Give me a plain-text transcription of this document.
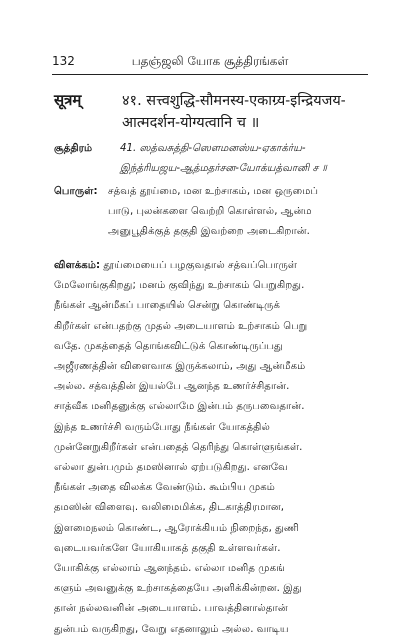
132	பதஞ்ஜலி யோக சூத்திரங்கள்
सूत्रम्	४१. सत्त्वशुद्धि-सौमनस्य-एकाग्र्य-इन्द्रियजय-
आत्मदर्शन-योग्यत्वानि च ॥
சூத்திரம்	41. ஸத்வசுத்தி-ஸௌமனஸ்ய-ஏகாக்ர்ய-
இந்த்ரியஜய-ஆத்மதர்சன-யோக்யத்வானி ச ॥
பொருள்: சத்வத் தூய்மை, மன உற்சாகம், மன ஒருமைப்
பாடு, புலன்களை வெற்றி கொள்ளல், ஆன்ம
அனுபூதிக்குத் தகுதி இவற்றை அடைகிறான்.
விளக்கம்: தூய்மையைப் பழகுவதால் சத்வப்பொருள்
மேலோங்குகிறது; மனம் குவிந்து உற்சாகம் பெறுகிறது.
நீங்கள் ஆன்மீகப் பாதையில் சென்று கொண்டிருக்
கிறீர்கள் என்பதற்கு முதல் அடையாளம் உற்சாகம் பெறு
வதே. முகத்தைத் தொங்கவிட்டுக் கொண்டிருப்பது
அஜீரணத்தின் விளைவாக இருக்கலாம், அது ஆன்மீகம்
அல்ல. சத்வத்தின் இயல்பே ஆனந்த உணர்ச்சிதான்.
சாத்வீக மனிதனுக்கு எல்லாமே இன்பம் தருபவைதான்.
இந்த உணர்ச்சி வரும்போது நீங்கள் யோகத்தில்
முன்னேறுகிறீர்கள் என்பதைத் தெரிந்து கொள்ளுங்கள்.
எல்லா துன்பமும் தமஸினால் ஏற்படுகிறது. எனவே
நீங்கள் அதை விலக்க வேண்டும். கூம்பிய முகம்
தமஸின் விளைவு. வலிமைமிக்க, திடகாத்திரமான,
இளமைநலம் கொண்ட, ஆரோக்கியம் நிறைந்த, துணி
வுடையவர்களே யோகியாகத் தகுதி உள்ளவர்கள்.
யோகிக்கு எல்லாம் ஆனந்தம். எல்லா மனித முகங்
களும் அவனுக்கு உற்சாகத்தையே அளிக்கின்றன. இது
தான் நல்லவனின் அடையாளம். பாவத்தினால்தான்
துன்பம் வருகிறது, வேறு எதனாலும் அல்ல. வாடிய
